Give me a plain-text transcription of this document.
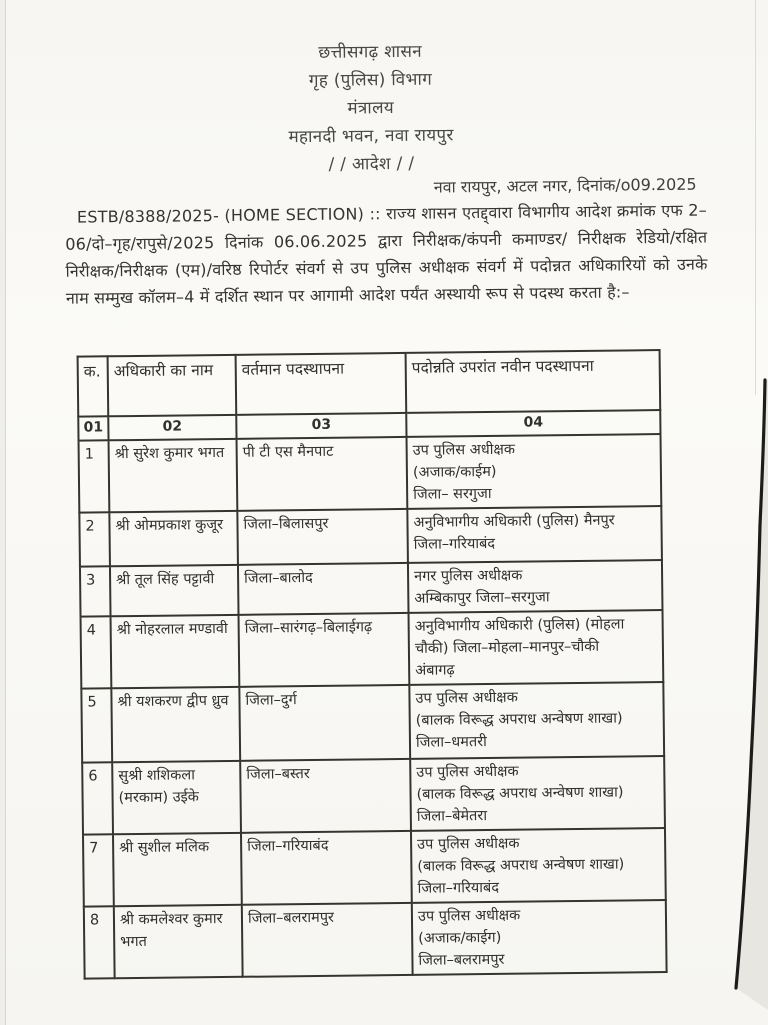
छत्तीसगढ़ शासन
गृह (पुलिस) विभाग
मंत्रालय
महानदी भवन, नवा रायपुर
/ / आदेश / /
नवा रायपुर, अटल नगर, दिनांक/o09.2025
ESTB/8388/2025- (HOME SECTION) :: राज्य शासन एतद्द्वारा विभागीय आदेश क्रमांक एफ 2–06/दो–गृह/रापुसे/2025 दिनांक 06.06.2025 द्वारा निरीक्षक/कंपनी कमाण्डर/ निरीक्षक रेडियो/रक्षित निरीक्षक/निरीक्षक (एम)/वरिष्ठ रिपोर्टर संवर्ग से उप पुलिस अधीक्षक संवर्ग में पदोन्नत अधिकारियों को उनके नाम सम्मुख कॉलम–4 में दर्शित स्थान पर आगामी आदेश पर्यंत अस्थायी रूप से पदस्थ करता है:–
क.	अधिकारी का नाम	वर्तमान पदस्थापना	पदोन्नति उपरांत नवीन पदस्थापना
01	02	03	04
1	श्री सुरेश कुमार भगत	पी टी एस मैनपाट	उप पुलिस अधीक्षक
(अजाक/काईम)
जिला– सरगुजा
2	श्री ओमप्रकाश कुजूर	जिला–बिलासपुर	अनुविभागीय अधिकारी (पुलिस) मैनपुर
जिला–गरियाबंद
3	श्री तूल सिंह पट्टावी	जिला–बालोद	नगर पुलिस अधीक्षक
अम्बिकापुर जिला–सरगुजा
4	श्री नोहरलाल मण्डावी	जिला–सारंगढ़–बिलाईगढ़	अनुविभागीय अधिकारी (पुलिस) (मोहला
चौकी) जिला–मोहला–मानपुर–चौकी
अंबागढ़
5	श्री यशकरण द्वीप ध्रुव	जिला–दुर्ग	उप पुलिस अधीक्षक
(बालक विरूद्ध अपराध अन्वेषण शाखा)
जिला–धमतरी
6	सुश्री शशिकला
(मरकाम) उईके	जिला–बस्तर	उप पुलिस अधीक्षक
(बालक विरूद्ध अपराध अन्वेषण शाखा)
जिला–बेमेतरा
7	श्री सुशील मलिक	जिला–गरियाबंद	उप पुलिस अधीक्षक
(बालक विरूद्ध अपराध अन्वेषण शाखा)
जिला–गरियाबंद
8	श्री कमलेश्वर कुमार
भगत	जिला–बलरामपुर	उप पुलिस अधीक्षक
(अजाक/काईग)
जिला–बलरामपुर
